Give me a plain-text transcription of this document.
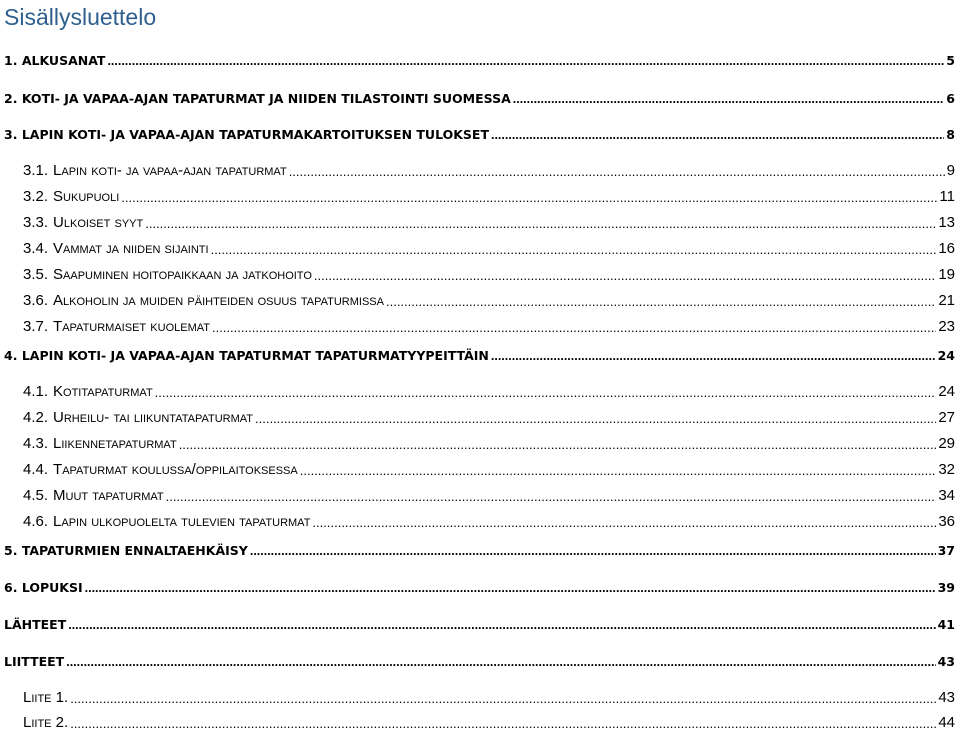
Sisällysluettelo
1. ALKUSANAT .....	5
2. KOTI- JA VAPAA-AJAN TAPATURMAT JA NIIDEN TILASTOINTI SUOMESSA .....	6
3. LAPIN KOTI- JA VAPAA-AJAN TAPATURMAKARTOITUKSEN TULOKSET .....	8
3.1. Lapin koti- ja vapaa-ajan tapaturmat .....	9
3.2. Sukupuoli .....	11
3.3. Ulkoiset syyt .....	13
3.4. Vammat ja niiden sijainti .....	16
3.5. Saapuminen hoitopaikkaan ja jatkohoito .....	19
3.6. Alkoholin ja muiden päihteiden osuus tapaturmissa .....	21
3.7. Tapaturmaiset kuolemat .....	23
4. LAPIN KOTI- JA VAPAA-AJAN TAPATURMAT TAPATURMATYYPEITTÄIN .....	24
4.1. Kotitapaturmat .....	24
4.2. Urheilu- tai liikuntatapaturmat .....	27
4.3. Liikennetapaturmat .....	29
4.4. Tapaturmat koulussa/oppilaitoksessa .....	32
4.5. Muut tapaturmat .....	34
4.6. Lapin ulkopuolelta tulevien tapaturmat .....	36
5. TAPATURMIEN ENNALTAEHKÄISY .....	37
6. LOPUKSI .....	39
LÄHTEET .....	41
LIITTEET .....	43
Liite 1. .....	43
Liite 2. .....	44
